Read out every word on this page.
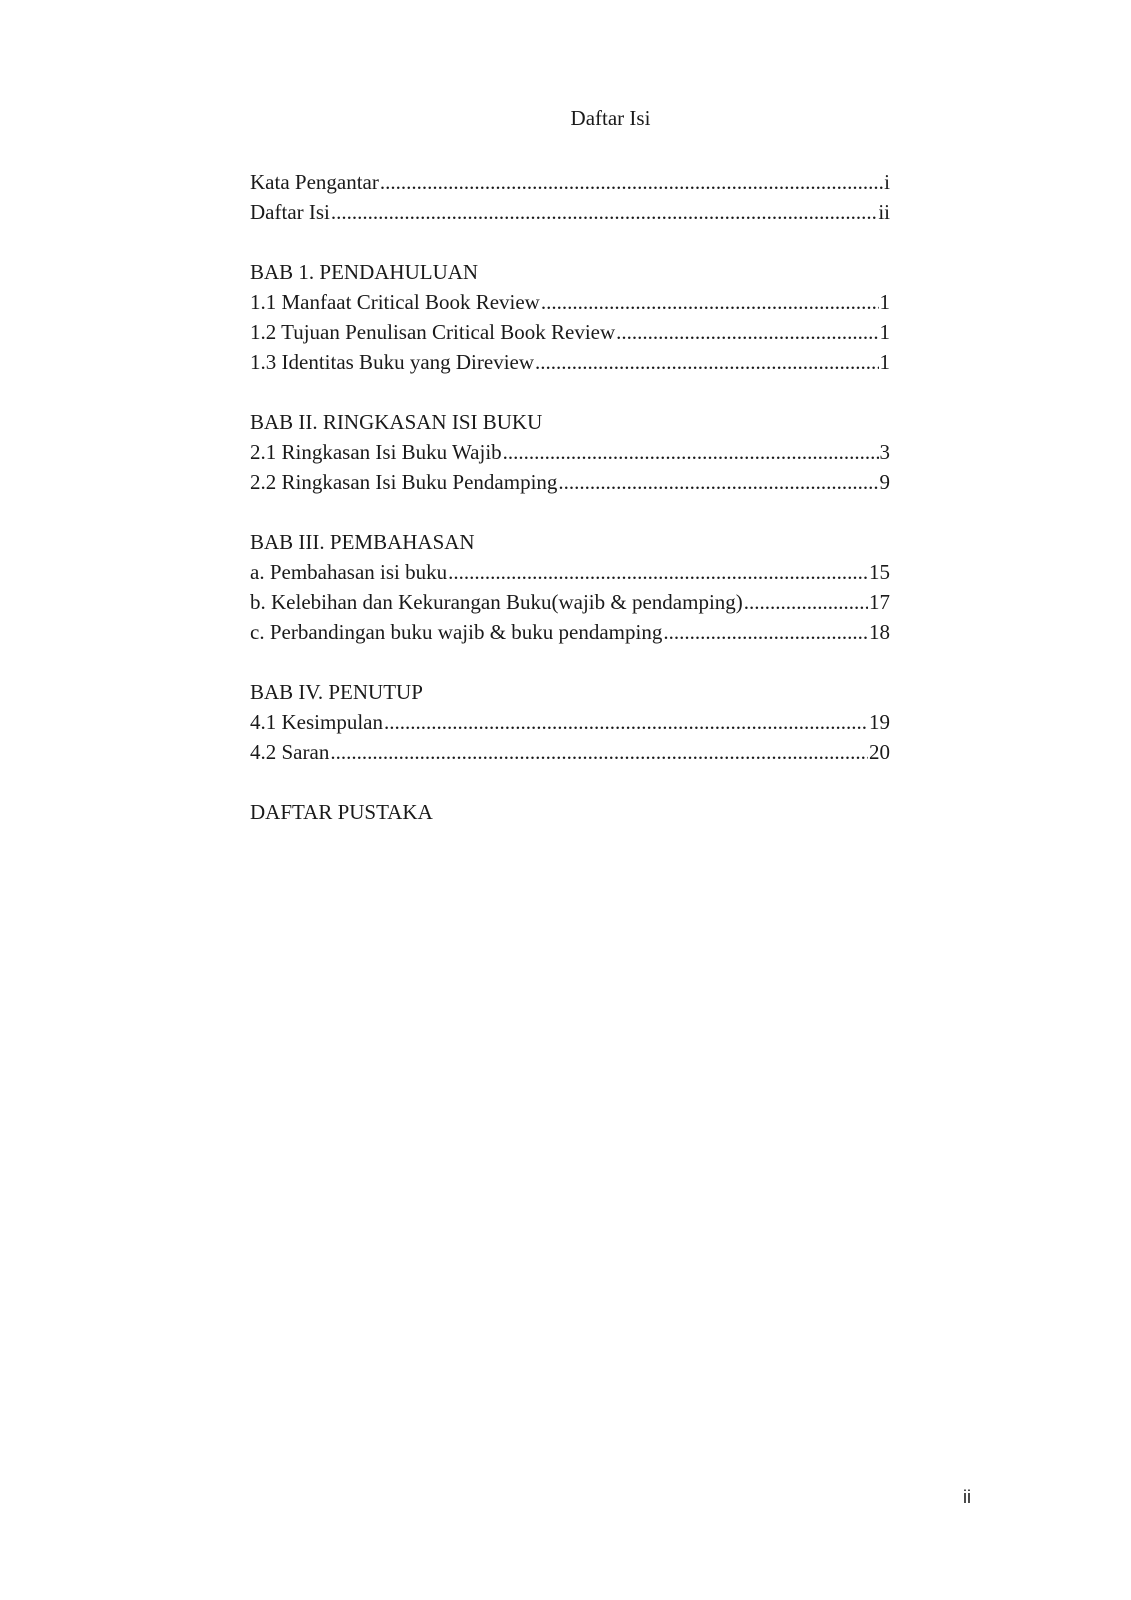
Daftar Isi
Kata Pengantar .....	i
Daftar Isi .....	ii
BAB 1. PENDAHULUAN
1.1 Manfaat Critical Book Review .....	1
1.2 Tujuan Penulisan Critical Book Review .....	1
1.3 Identitas Buku yang Direview .....	1
BAB II. RINGKASAN ISI BUKU
2.1 Ringkasan Isi Buku Wajib .....	3
2.2 Ringkasan Isi Buku Pendamping .....	9
BAB III. PEMBAHASAN
a. Pembahasan isi buku .....	15
b. Kelebihan dan Kekurangan Buku(wajib & pendamping) .....	17
c. Perbandingan buku wajib & buku pendamping .....	18
BAB IV. PENUTUP
4.1 Kesimpulan .....	19
4.2 Saran .....	20
DAFTAR PUSTAKA
ii
